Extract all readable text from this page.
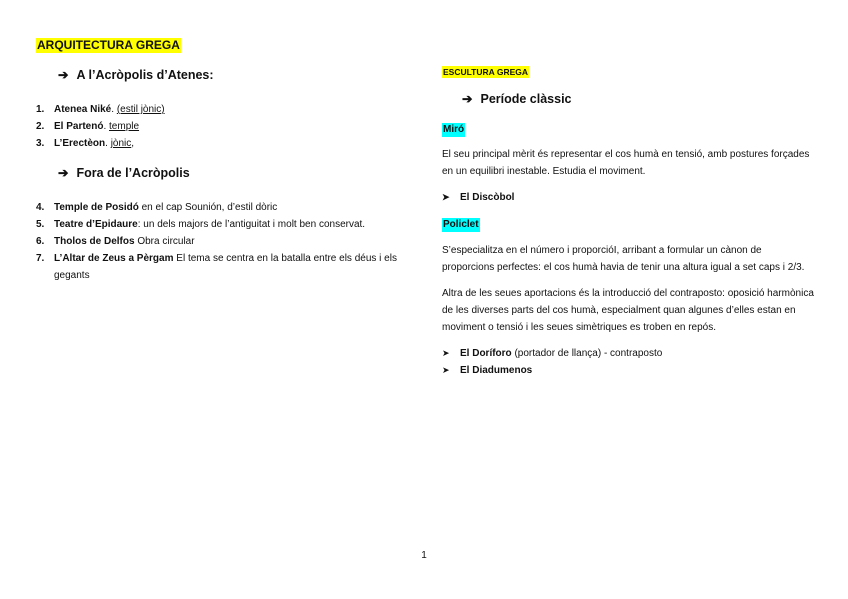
ARQUITECTURA GREGA
➔ A l’Acròpolis d’Atenes:
1. Atenea Niké. (estil jònic)
2. El Partenó. temple
3. L’Erectèon. jònic,
➔ Fora de l’Acròpolis
4. Temple de Posidó en el cap Sounión, d’estil dòric
5. Teatre d’Epidaure: un dels majors de l’antiguitat i molt ben conservat.
6. Tholos de Delfos Obra circular
7. L’Altar de Zeus a Pèrgam El tema se centra en la batalla entre els déus i els gegants
ESCULTURA GREGA
➔ Període clàssic
Miró

El seu principal mèrit és representar el cos humà en tensió, amb postures forçades en un equilibri inestable. Estudia el moviment.

➤ El Discòbol
Policlet

S’especialitza en el número i proporcióI, arribant a formular un cànon de proporcions perfectes: el cos humà havia de tenir una altura igual a set caps i 2/3.

Altra de les seues aportacions és la introducció del contraposto: oposició harmònica de les diverses parts del cos humà, especialment quan algunes d’elles estan en moviment o tensió i les seues simètriques es troben en repós.

➤ El Doríforo (portador de llança) - contraposto
➤ El Diadumenos
1
